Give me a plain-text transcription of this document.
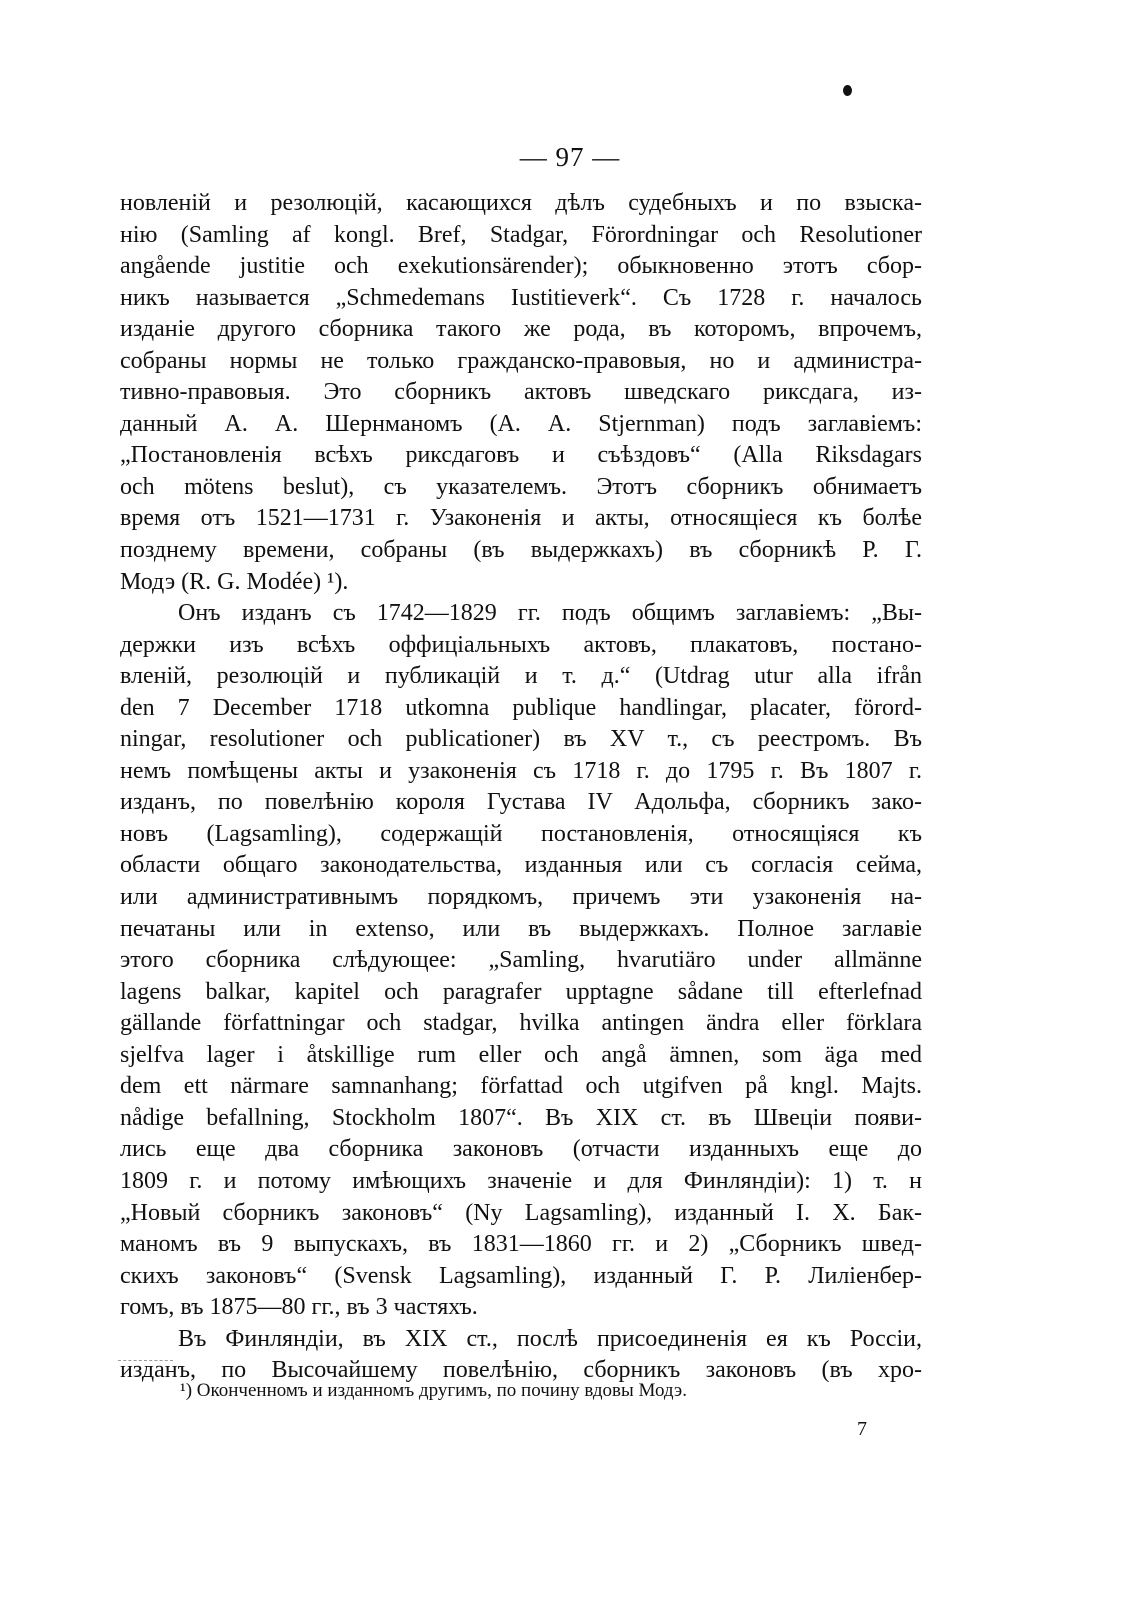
— 97 —
новленій и резолюцій, касающихся дѣлъ судебныхъ и по взыска-
нію (Samling af kongl. Bref, Stadgar, Förordningar och Resolutioner
angående justitie och exekutionsärender); обыкновенно этотъ сбор-
никъ называется „Schmedemans Iustitieverk“. Съ 1728 г. началось
изданіе другого сборника такого же рода, въ которомъ, впрочемъ,
собраны нормы не только гражданско-правовыя, но и администра-
тивно-правовыя. Это сборникъ актовъ шведскаго риксдага, из-
данный А. А. Шернманомъ (А. А. Stjernman) подъ заглавіемъ:
„Постановленія всѣхъ риксдаговъ и съѣздовъ“ (Alla Riksdagars
och mötens beslut), съ указателемъ. Этотъ сборникъ обнимаетъ
время отъ 1521—1731 г. Узаконенія и акты, относящіеся къ болѣе
позднему времени, собраны (въ выдержкахъ) въ сборникѣ Р. Г.
Модэ (R. G. Modée) ¹).
Онъ изданъ съ 1742—1829 гг. подъ общимъ заглавіемъ: „Вы-
держки изъ всѣхъ оффиціальныхъ актовъ, плакатовъ, постано-
вленій, резолюцій и публикацій и т. д.“ (Utdrag utur alla ifrån
den 7 December 1718 utkomna publique handlingar, placater, förord-
ningar, resolutioner och publicationer) въ XV т., съ реестромъ. Въ
немъ помѣщены акты и узаконенія съ 1718 г. до 1795 г. Въ 1807 г.
изданъ, по повелѣнію короля Густава IV Адольфа, сборникъ зако-
новъ (Lagsamling), содержащій постановленія, относящіяся къ
области общаго законодательства, изданныя или съ согласія сейма,
или административнымъ порядкомъ, причемъ эти узаконенія на-
печатаны или in extenso, или въ выдержкахъ. Полное заглавіе
этого сборника слѣдующее: „Samling, hvarutiäro under allmänne
lagens balkar, kapitel och paragrafer upptagne sådane till efterlefnad
gällande författningar och stadgar, hvilka antingen ändra eller förklara
sjelfva lager i åtskillige rum eller och angå ämnen, som äga med
dem ett närmare samnanhang; författad och utgifven på kngl. Majts.
nådige befallning, Stockholm 1807“. Въ XIX ст. въ Швеціи появи-
лись еще два сборника законовъ (отчасти изданныхъ еще до
1809 г. и потому имѣющихъ значеніе и для Финляндіи): 1) т. н
„Новый сборникъ законовъ“ (Ny Lagsamling), изданный I. Х. Бак-
маномъ въ 9 выпускахъ, въ 1831—1860 гг. и 2) „Сборникъ швед-
скихъ законовъ“ (Svensk Lagsamling), изданный Г. Р. Лиліенбер-
гомъ, въ 1875—80 гг., въ 3 частяхъ.
Въ Финляндіи, въ XIX ст., послѣ присоединенія ея къ Россіи,
изданъ, по Высочайшему повелѣнію, сборникъ законовъ (въ хро-
¹) Оконченномъ и изданномъ другимъ, по почину вдовы Модэ.
7
